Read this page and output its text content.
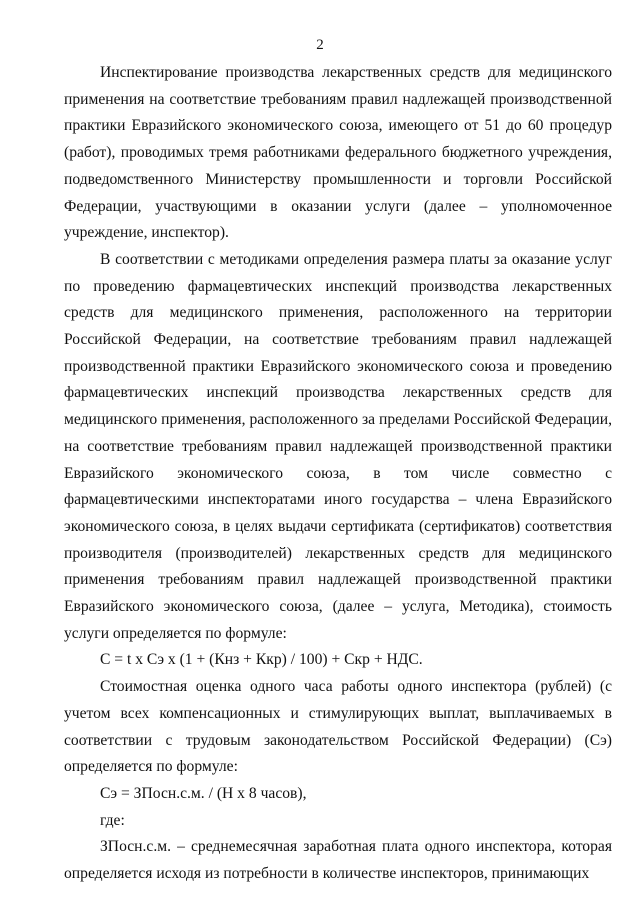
2

Инспектирование производства лекарственных средств для медицинского применения на соответствие требованиям правил надлежащей производственной практики Евразийского экономического союза, имеющего от 51 до 60 процедур (работ), проводимых тремя работниками федерального бюджетного учреждения, подведомственного Министерству промышленности и торговли Российской Федерации, участвующими в оказании услуги (далее – уполномоченное учреждение, инспектор).

В соответствии с методиками определения размера платы за оказание услуг по проведению фармацевтических инспекций производства лекарственных средств для медицинского применения, расположенного на территории Российской Федерации, на соответствие требованиям правил надлежащей производственной практики Евразийского экономического союза и проведению фармацевтических инспекций производства лекарственных средств для медицинского применения, расположенного за пределами Российской Федерации, на соответствие требованиям правил надлежащей производственной практики Евразийского экономического союза, в том числе совместно с фармацевтическими инспекторатами иного государства – члена Евразийского экономического союза, в целях выдачи сертификата (сертификатов) соответствия производителя (производителей) лекарственных средств для медицинского применения требованиям правил надлежащей производственной практики Евразийского экономического союза, (далее – услуга, Методика), стоимость услуги определяется по формуле:

C = t x Cэ x (1 + (Кнз + Ккр) / 100) + Скр + НДС.

Стоимостная оценка одного часа работы одного инспектора (рублей) (с учетом всех компенсационных и стимулирующих выплат, выплачиваемых в соответствии с трудовым законодательством Российской Федерации) (Cэ) определяется по формуле:

Cэ = ЗПосн.с.м. / (Н x 8 часов),

где:

ЗПосн.с.м. – среднемесячная заработная плата одного инспектора, которая определяется исходя из потребности в количестве инспекторов, принимающих
